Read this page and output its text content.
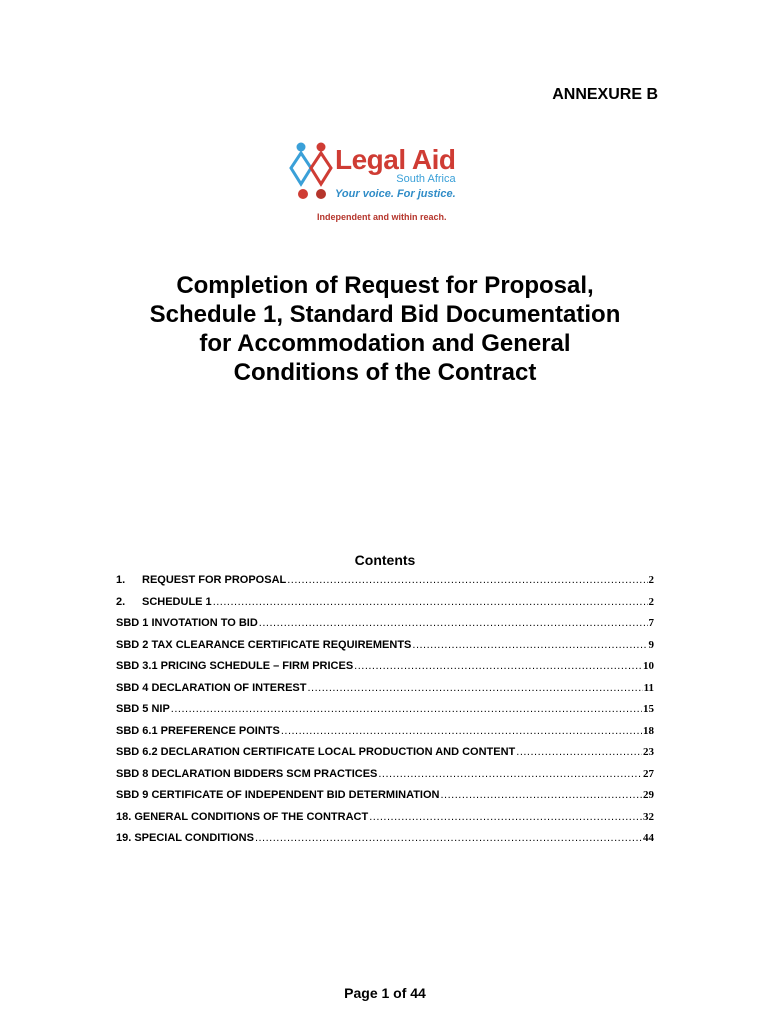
ANNEXURE B
Legal Aid
South Africa
Your voice. For justice.
Independent and within reach.
Completion of Request for Proposal,
Schedule 1, Standard Bid Documentation
for Accommodation and General
Conditions of the Contract
Contents
1.	REQUEST FOR PROPOSAL .....	2
2.	SCHEDULE 1 .....	2
SBD 1 INVOTATION TO BID .....	7
SBD 2 TAX CLEARANCE CERTIFICATE REQUIREMENTS .....	9
SBD 3.1 PRICING SCHEDULE – FIRM PRICES .....	10
SBD 4 DECLARATION OF INTEREST .....	11
SBD 5 NIP .....	15
SBD 6.1 PREFERENCE POINTS .....	18
SBD 6.2 DECLARATION CERTIFICATE LOCAL PRODUCTION AND CONTENT .....	23
SBD 8 DECLARATION BIDDERS SCM PRACTICES .....	27
SBD 9 CERTIFICATE OF INDEPENDENT BID DETERMINATION .....	29
18. GENERAL CONDITIONS OF THE CONTRACT .....	32
19. SPECIAL CONDITIONS .....	44
Page 1 of 44
